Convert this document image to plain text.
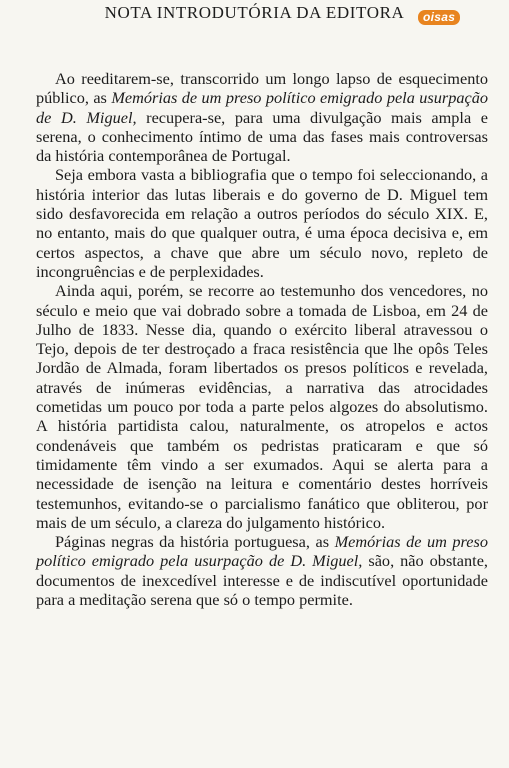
NOTA INTRODUTÓRIA DA EDITORA	oisas

Ao reeditarem-se, transcorrido um longo lapso de esquecimento público, as Memórias de um preso político emigrado pela usurpação de D. Miguel, recupera-se, para uma divulgação mais ampla e serena, o conhecimento íntimo de uma das fases mais controversas da história contemporânea de Portugal.

Seja embora vasta a bibliografia que o tempo foi seleccionando, a história interior das lutas liberais e do governo de D. Miguel tem sido desfavorecida em relação a outros períodos do século XIX. E, no entanto, mais do que qualquer outra, é uma época decisiva e, em certos aspectos, a chave que abre um século novo, repleto de incongruências e de perplexidades.

Ainda aqui, porém, se recorre ao testemunho dos vencedores, no século e meio que vai dobrado sobre a tomada de Lisboa, em 24 de Julho de 1833. Nesse dia, quando o exército liberal atravessou o Tejo, depois de ter destroçado a fraca resistência que lhe opôs Teles Jordão de Almada, foram libertados os presos políticos e revelada, através de inúmeras evidências, a narrativa das atrocidades cometidas um pouco por toda a parte pelos algozes do absolutismo. A história partidista calou, naturalmente, os atropelos e actos condenáveis que também os pedristas praticaram e que só timidamente têm vindo a ser exumados. Aqui se alerta para a necessidade de isenção na leitura e comentário destes horríveis testemunhos, evitando-se o parcialismo fanático que obliterou, por mais de um século, a clareza do julgamento histórico.

Páginas negras da história portuguesa, as Memórias de um preso político emigrado pela usurpação de D. Miguel, são, não obstante, documentos de inexcedível interesse e de indiscutível oportunidade para a meditação serena que só o tempo permite.
